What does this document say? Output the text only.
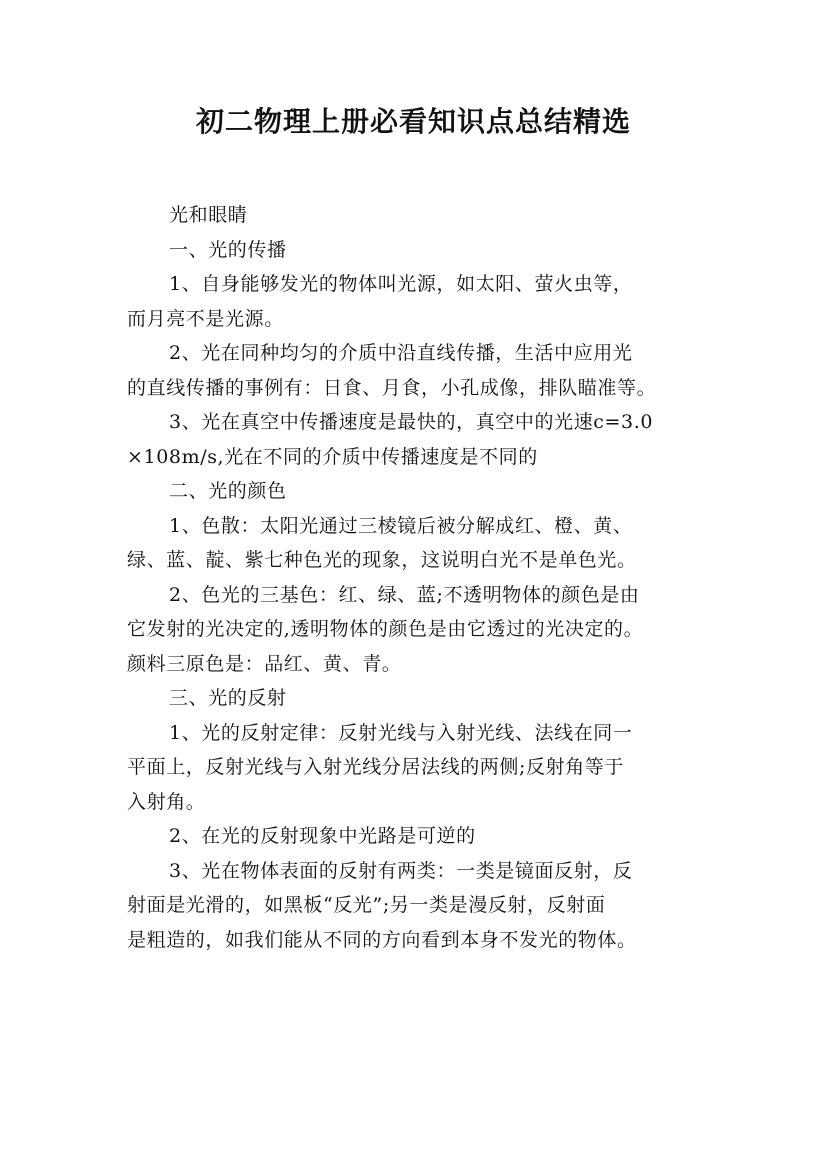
初二物理上册必看知识点总结精选
光和眼睛
一、光的传播
1、自身能够发光的物体叫光源，如太阳、萤火虫等，
而月亮不是光源。
2、光在同种均匀的介质中沿直线传播，生活中应用光
的直线传播的事例有：日食、月食，小孔成像，排队瞄准等。
3、光在真空中传播速度是最快的，真空中的光速c=3.0
×108m/s,光在不同的介质中传播速度是不同的
二、光的颜色
1、色散：太阳光通过三棱镜后被分解成红、橙、黄、
绿、蓝、靛、紫七种色光的现象，这说明白光不是单色光。
2、色光的三基色：红、绿、蓝;不透明物体的颜色是由
它发射的光决定的,透明物体的颜色是由它透过的光决定的。
颜料三原色是：品红、黄、青。
三、光的反射
1、光的反射定律：反射光线与入射光线、法线在同一
平面上，反射光线与入射光线分居法线的两侧;反射角等于
入射角。
2、在光的反射现象中光路是可逆的
3、光在物体表面的反射有两类：一类是镜面反射，反
射面是光滑的，如黑板“反光”;另一类是漫反射，反射面
是粗造的，如我们能从不同的方向看到本身不发光的物体。
